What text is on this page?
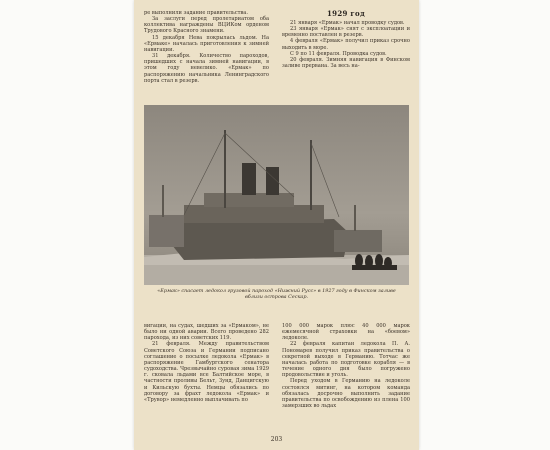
ре выполнили задание правительства.

За заслуги перед пролетариатом оба коллектива награждены ВЦИКом орденом Трудового Красного знамени.

15 декабря Нева покрылась льдом. На «Ермаке» началась приготовления к зимней навигации.

31 декабря. Количество пароходов, пришедших с начала зимней навигации, в этом году невелико. «Ермак» по распоряжению начальника Ленинградского порта стал в резерв.

1929 год

21 января «Ермак» начал проводку судов.

23 января «Ермак» снят с эксплоатации и временно поставлен в резерв.

4 февраля «Ермак» получил приказ срочно выходить в море.

С 9 по 11 февраля. Проводка судов.

20 февраля. Зимняя навигация в Финском заливе прервана. За весь на-

«Ермак» спасает ледокол грузовой пароход «Нижний Русс» в 1927 году в Финском заливе вблизи острова Сескар.

вигации, на судах, шедших за «Ермаком», не было ни одной аварии. Всего проведено 282 парохода, из них советских 119.

21 февраля. Между правительством Советского Союза и Германии подписано соглашение о посылке ледокола «Ермак» в распоряжение Гамбургского сенатора судоходства. Чрезвычайно суровая зима 1929 г. сковала льдами все Балтийское море, в частности проливы Бельт, Зунд, Данцигскую и Кильскую бухты. Немцы обязались по договору за фрахт ледокола «Ермак» и «Трувор» немедленно выплачивать по

100 000 марок плюс 40 000 марок ежемесячной страховки на «боевом» ледоколе.

22 февраля капитан ледокола П. А. Пономарев получил приказ правительства о секретной выходе в Германию. Тотчас же началась работа по подготовке корабля — в течение одного дня было погружено продовольствие и уголь.

Перед уходом в Германию на ледоколе состоялся митинг, на котором команда обязалась досрочно выполнить задание правительства по освобождению из плена 100 замерзших во льдах

203
